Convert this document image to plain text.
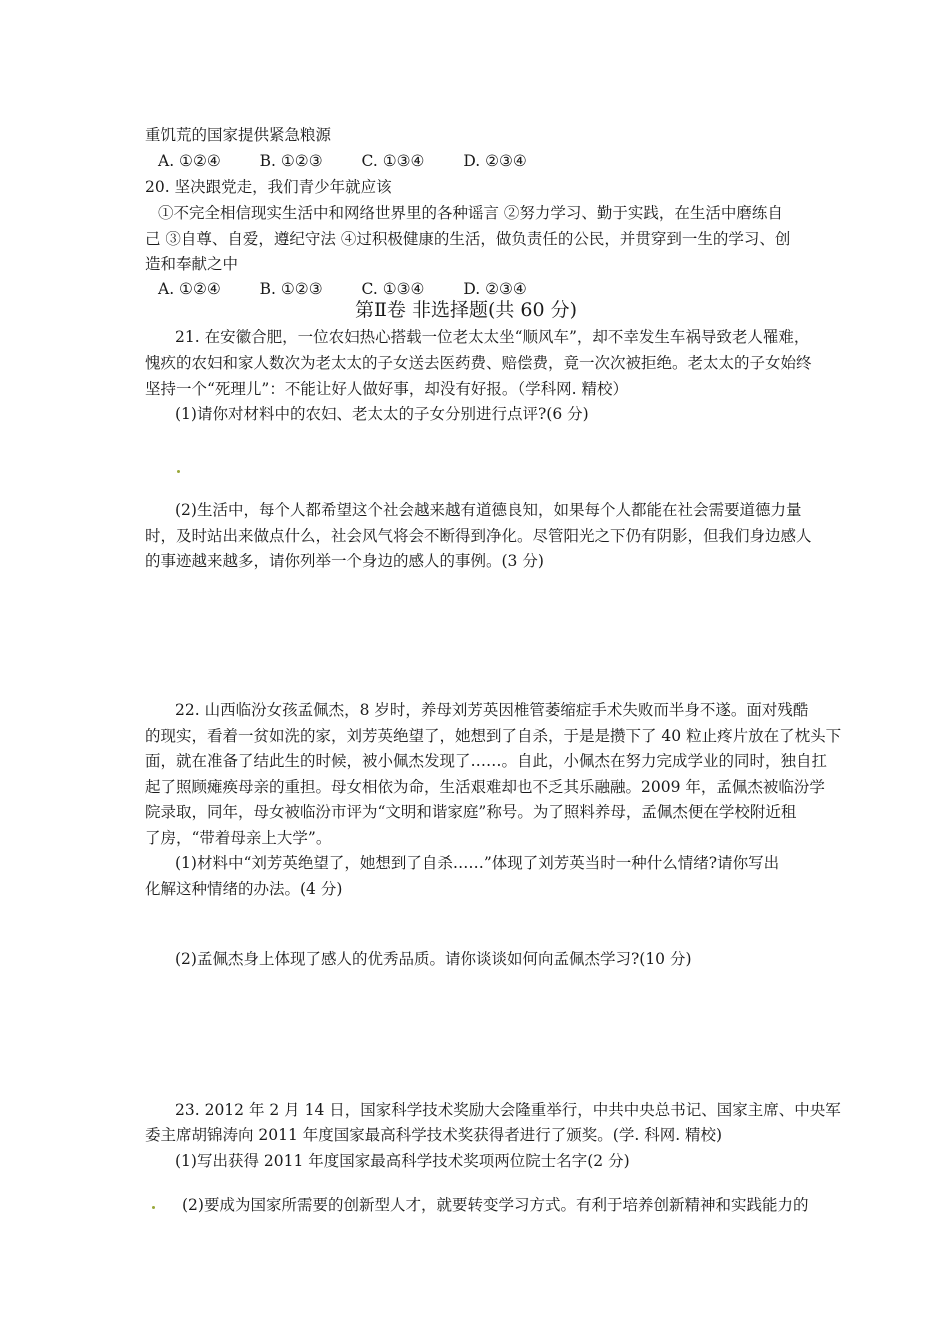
重饥荒的国家提供紧急粮源
A. ①②④	B. ①②③	C. ①③④	D. ②③④
20. 坚决跟党走，我们青少年就应该
①不完全相信现实生活中和网络世界里的各种谣言 ②努力学习、勤于实践，在生活中磨练自
己 ③自尊、自爱，遵纪守法 ④过积极健康的生活，做负责任的公民，并贯穿到一生的学习、创
造和奉献之中
A. ①②④	B. ①②③	C. ①③④	D. ②③④
第Ⅱ卷 非选择题(共 60 分)
21. 在安徽合肥，一位农妇热心搭载一位老太太坐“顺风车”，却不幸发生车祸导致老人罹难，
愧疚的农妇和家人数次为老太太的子女送去医药费、赔偿费，竟一次次被拒绝。老太太的子女始终
坚持一个“死理儿”：不能让好人做好事，却没有好报。（学科网. 精校）
(1)请你对材料中的农妇、老太太的子女分别进行点评?(6 分)
(2)生活中，每个人都希望这个社会越来越有道德良知，如果每个人都能在社会需要道德力量
时，及时站出来做点什么，社会风气将会不断得到净化。尽管阳光之下仍有阴影，但我们身边感人
的事迹越来越多，请你列举一个身边的感人的事例。(3 分)
22. 山西临汾女孩孟佩杰，8 岁时，养母刘芳英因椎管萎缩症手术失败而半身不遂。面对残酷
的现实，看着一贫如洗的家，刘芳英绝望了，她想到了自杀，于是是攒下了 40 粒止疼片放在了枕头下
面，就在准备了结此生的时候，被小佩杰发现了……。自此，小佩杰在努力完成学业的同时，独自扛
起了照顾瘫痪母亲的重担。母女相依为命，生活艰难却也不乏其乐融融。2009 年，孟佩杰被临汾学
院录取，同年，母女被临汾市评为“文明和谐家庭”称号。为了照料养母，孟佩杰便在学校附近租
了房，“带着母亲上大学”。
(1)材料中“刘芳英绝望了，她想到了自杀……”体现了刘芳英当时一种什么情绪?请你写出
化解这种情绪的办法。(4 分)
(2)孟佩杰身上体现了感人的优秀品质。请你谈谈如何向孟佩杰学习?(10 分)
23. 2012 年 2 月 14 日，国家科学技术奖励大会隆重举行，中共中央总书记、国家主席、中央军
委主席胡锦涛向 2011 年度国家最高科学技术奖获得者进行了颁奖。(学. 科网. 精校)
(1)写出获得 2011 年度国家最高科学技术奖项两位院士名字(2 分)
(2)要成为国家所需要的创新型人才，就要转变学习方式。有利于培养创新精神和实践能力的
